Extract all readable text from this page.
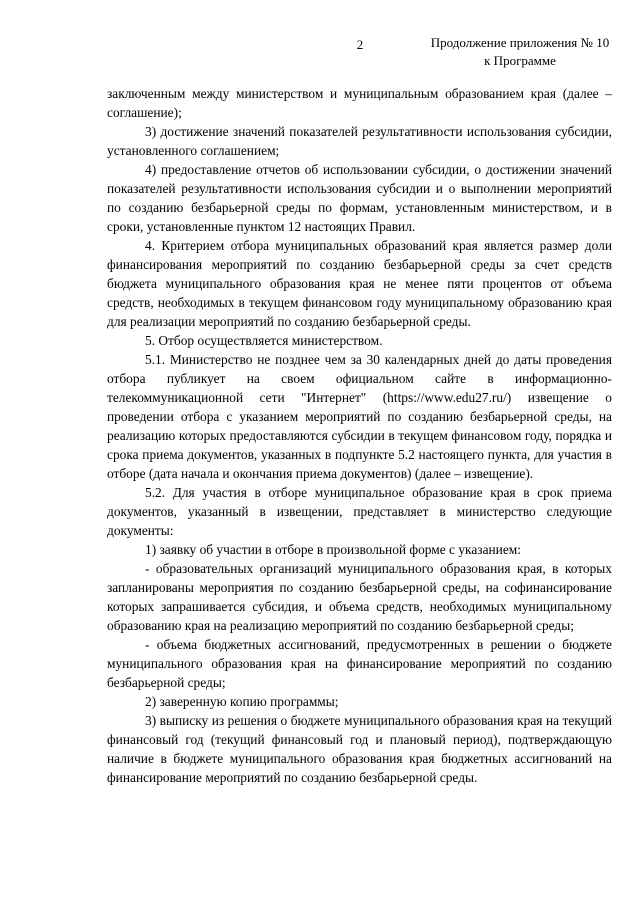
2	Продолжение приложения № 10
к Программе

заключенным между министерством и муниципальным образованием края (далее – соглашение);

3) достижение значений показателей результативности использования субсидии, установленного соглашением;

4) предоставление отчетов об использовании субсидии, о достижении значений показателей результативности использования субсидии и о выполнении мероприятий по созданию безбарьерной среды по формам, установленным министерством, и в сроки, установленные пунктом 12 настоящих Правил.

4. Критерием отбора муниципальных образований края является размер доли финансирования мероприятий по созданию безбарьерной среды за счет средств бюджета муниципального образования края не менее пяти процентов от объема средств, необходимых в текущем финансовом году муниципальному образованию края для реализации мероприятий по созданию безбарьерной среды.

5. Отбор осуществляется министерством.

5.1. Министерство не позднее чем за 30 календарных дней до даты проведения отбора публикует на своем официальном сайте в информационно-телекоммуникационной сети "Интернет" (https://www.edu27.ru/) извещение о проведении отбора с указанием мероприятий по созданию безбарьерной среды, на реализацию которых предоставляются субсидии в текущем финансовом году, порядка и срока приема документов, указанных в подпункте 5.2 настоящего пункта, для участия в отборе (дата начала и окончания приема документов) (далее – извещение).

5.2. Для участия в отборе муниципальное образование края в срок приема документов, указанный в извещении, представляет в министерство следующие документы:

1) заявку об участии в отборе в произвольной форме с указанием:

- образовательных организаций муниципального образования края, в которых запланированы мероприятия по созданию безбарьерной среды, на софинансирование которых запрашивается субсидия, и объема средств, необходимых муниципальному образованию края на реализацию мероприятий по созданию безбарьерной среды;

- объема бюджетных ассигнований, предусмотренных в решении о бюджете муниципального образования края на финансирование мероприятий по созданию безбарьерной среды;

2) заверенную копию программы;

3) выписку из решения о бюджете муниципального образования края на текущий финансовый год (текущий финансовый год и плановый период), подтверждающую наличие в бюджете муниципального образования края бюджетных ассигнований на финансирование мероприятий по созданию безбарьерной среды.
